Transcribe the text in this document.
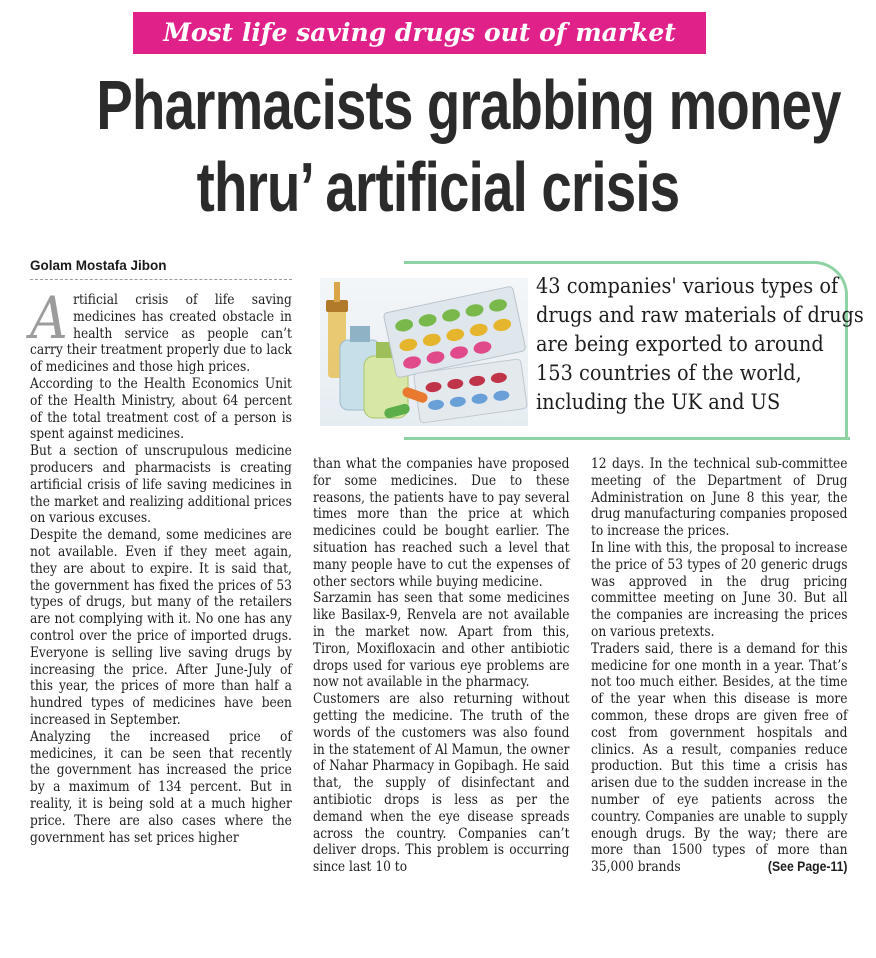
Most life saving drugs out of market
Pharmacists grabbing money
thru’ artificial crisis
Golam Mostafa Jibon
43 companies' various types of
drugs and raw materials of drugs
are being exported to around
153 countries of the world,
including the UK and US

Artificial crisis of life saving medicines has created obstacle in health service as people can’t carry their treatment properly due to lack of medicines and those high prices.

According to the Health Economics Unit of the Health Ministry, about 64 percent of the total treatment cost of a person is spent against medicines.

But a section of unscrupulous medicine producers and pharmacists is creating artificial crisis of life saving medicines in the market and realizing additional prices on various excuses.

Despite the demand, some medicines are not available. Even if they meet again, they are about to expire. It is said that, the government has fixed the prices of 53 types of drugs, but many of the retailers are not complying with it. No one has any control over the price of imported drugs. Everyone is selling live saving drugs by increasing the price. After June-July of this year, the prices of more than half a hundred types of medicines have been increased in September.

Analyzing the increased price of medicines, it can be seen that recently the government has increased the price by a maximum of 134 percent. But in reality, it is being sold at a much higher price. There are also cases where the government has set prices higher

than what the companies have proposed for some medicines. Due to these reasons, the patients have to pay several times more than the price at which medicines could be bought earlier. The situation has reached such a level that many people have to cut the expenses of other sectors while buying medicine.

Sarzamin has seen that some medicines like Basilax-9, Renvela are not available in the market now. Apart from this, Tiron, Moxifloxacin and other antibiotic drops used for various eye problems are now not available in the pharmacy.

Customers are also returning without getting the medicine. The truth of the words of the customers was also found in the statement of Al Mamun, the owner of Nahar Pharmacy in Gopibagh. He said that, the supply of disinfectant and antibiotic drops is less as per the demand when the eye disease spreads across the country. Companies can’t deliver drops. This problem is occurring since last 10 to

12 days. In the technical sub-committee meeting of the Department of Drug Administration on June 8 this year, the drug manufacturing companies proposed to increase the prices.

In line with this, the proposal to increase the price of 53 types of 20 generic drugs was approved in the drug pricing committee meeting on June 30. But all the companies are increasing the prices on various pretexts.

Traders said, there is a demand for this medicine for one month in a year. That’s not too much either. Besides, at the time of the year when this disease is more common, these drops are given free of cost from government hospitals and clinics. As a result, companies reduce production. But this time a crisis has arisen due to the sudden increase in the number of eye patients across the country. Companies are unable to supply enough drugs. By the way; there are more than 1500 types of more than 35,000 brands	(See Page-11)
